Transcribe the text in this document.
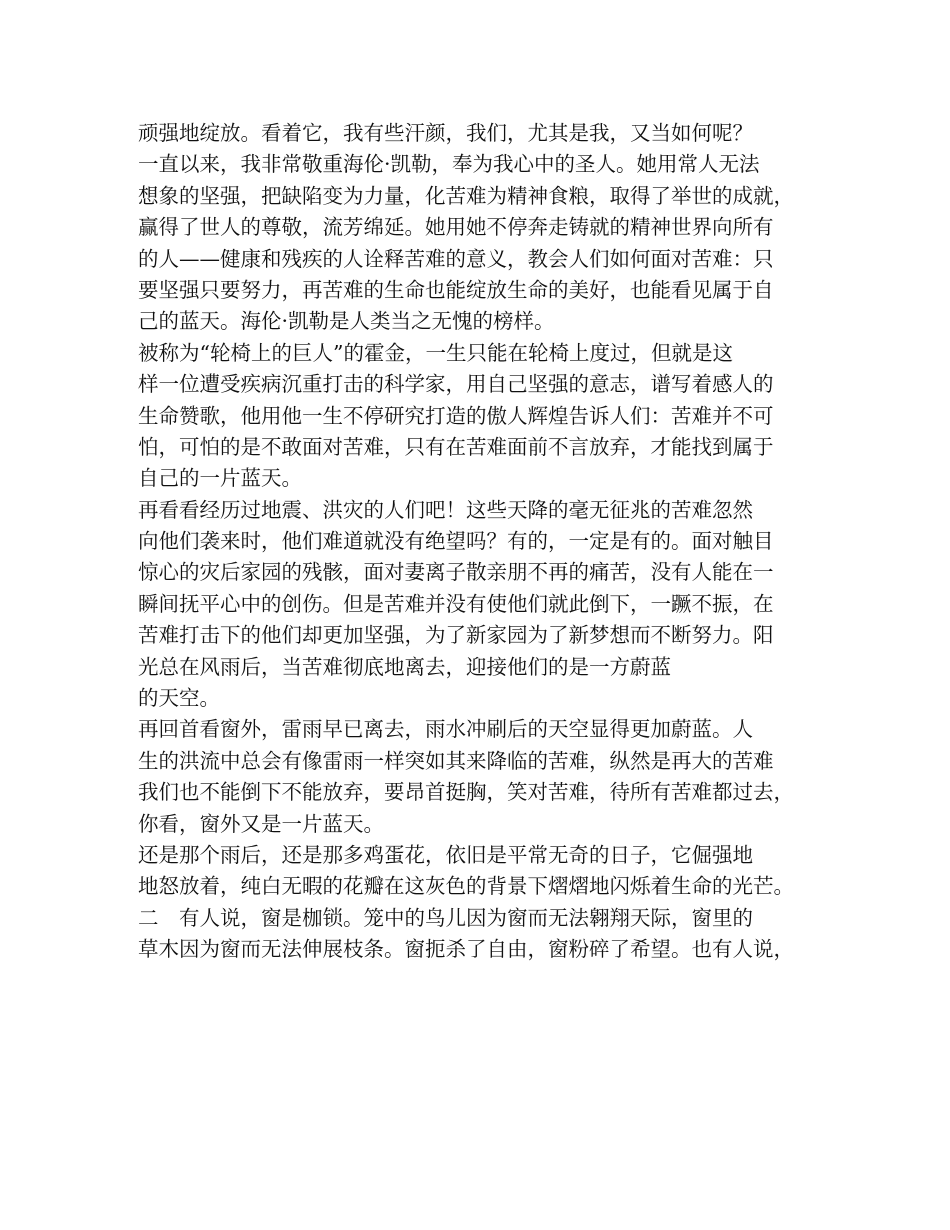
顽强地绽放。看着它，我有些汗颜，我们，尤其是我，又当如何呢？
一直以来，我非常敬重海伦·凯勒，奉为我心中的圣人。她用常人无法
想象的坚强，把缺陷变为力量，化苦难为精神食粮，取得了举世的成就，
赢得了世人的尊敬，流芳绵延。她用她不停奔走铸就的精神世界向所有
的人——健康和残疾的人诠释苦难的意义，教会人们如何面对苦难：只
要坚强只要努力，再苦难的生命也能绽放生命的美好，也能看见属于自
己的蓝天。海伦·凯勒是人类当之无愧的榜样。
被称为“轮椅上的巨人”的霍金，一生只能在轮椅上度过，但就是这
样一位遭受疾病沉重打击的科学家，用自己坚强的意志，谱写着感人的
生命赞歌，他用他一生不停研究打造的傲人辉煌告诉人们：苦难并不可
怕，可怕的是不敢面对苦难，只有在苦难面前不言放弃，才能找到属于
自己的一片蓝天。
再看看经历过地震、洪灾的人们吧！这些天降的毫无征兆的苦难忽然
向他们袭来时，他们难道就没有绝望吗？有的，一定是有的。面对触目
惊心的灾后家园的残骸，面对妻离子散亲朋不再的痛苦，没有人能在一
瞬间抚平心中的创伤。但是苦难并没有使他们就此倒下，一蹶不振，在
苦难打击下的他们却更加坚强，为了新家园为了新梦想而不断努力。阳
光总在风雨后，当苦难彻底地离去，迎接他们的是一方蔚蓝
的天空。
再回首看窗外，雷雨早已离去，雨水冲刷后的天空显得更加蔚蓝。人
生的洪流中总会有像雷雨一样突如其来降临的苦难，纵然是再大的苦难
我们也不能倒下不能放弃，要昂首挺胸，笑对苦难，待所有苦难都过去，
你看，窗外又是一片蓝天。
还是那个雨后，还是那多鸡蛋花，依旧是平常无奇的日子，它倔强地
地怒放着，纯白无暇的花瓣在这灰色的背景下熠熠地闪烁着生命的光芒。
二　有人说，窗是枷锁。笼中的鸟儿因为窗而无法翱翔天际，窗里的
草木因为窗而无法伸展枝条。窗扼杀了自由，窗粉碎了希望。也有人说，
